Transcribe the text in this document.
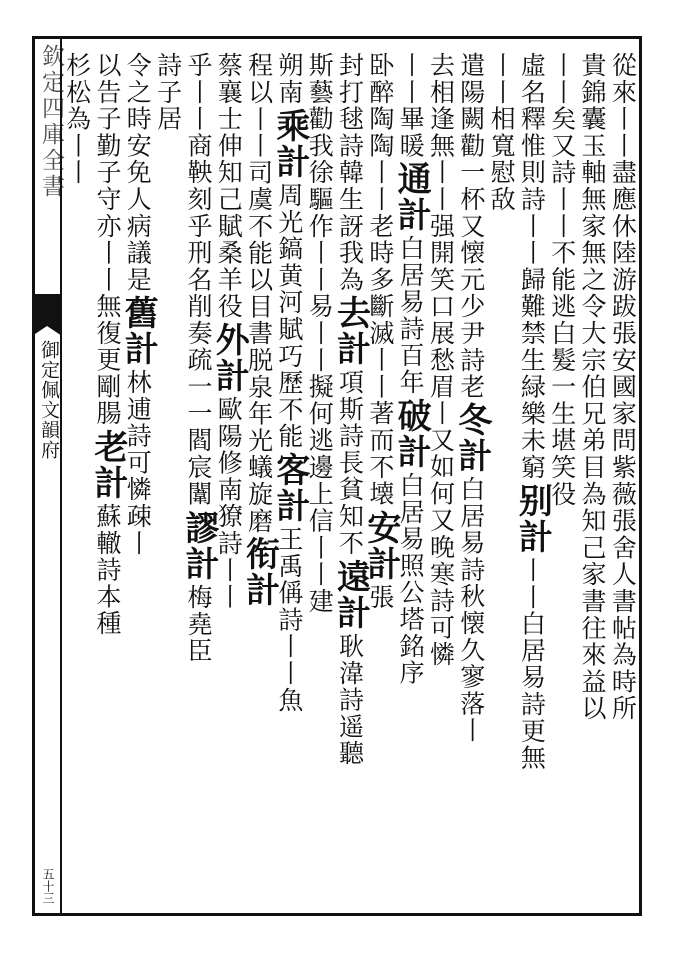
欽定四庫全書
御定佩文韻府
五十三
從來丨丨盡應休陸游跋張安國家問紫薇張舍人書帖為時所
貴錦囊玉軸無家無之令大宗伯兄弟目為知己家書往來益以
丨丨矣又詩丨丨不能逃白髮一生堪笑役
虛名釋惟則詩丨丨歸難禁生緑樂未窮
别計
丨丨白居易詩更無
丨丨相寬慰敌
遣陽闕勸一杯又懐元少尹詩老
冬計
白居易詩秋懐久寥落丨
去相逢無丨丨强開笑口展愁眉
丨又如何又晚寒詩可憐
丨丨畢暖
通計
白居易詩百年
破計
白居易照公塔銘序
卧醉陶陶丨丨老時多
斷滅丨丨著而不壊
安計
張
封打毬詩韓生訝我為
去計
項斯詩長貧知不
遠計
耿湋詩遥聽
斯藝勸我徐驅作丨丨易丨丨擬何逃
邊上信丨丨建
朔南
乘計
周光鎬黄河賦巧歷不能
客計
王禹偁詩丨丨魚
程
以丨丨司虞不能以目書
脱泉年光蟻旋磨
衔計
蔡襄士伸知己賦桑羊役
外計
歐陽修南獠詩丨丨
乎丨丨商鞅刻乎刑名
削奏疏一一閻宸闈
謬計
梅堯臣
詩子居
令之時安免人病議是
舊計
林逋詩可憐疎丨
以告子勤子守亦丨丨
無復更剛腸
老計
蘇轍詩本種
杉松為丨丨
